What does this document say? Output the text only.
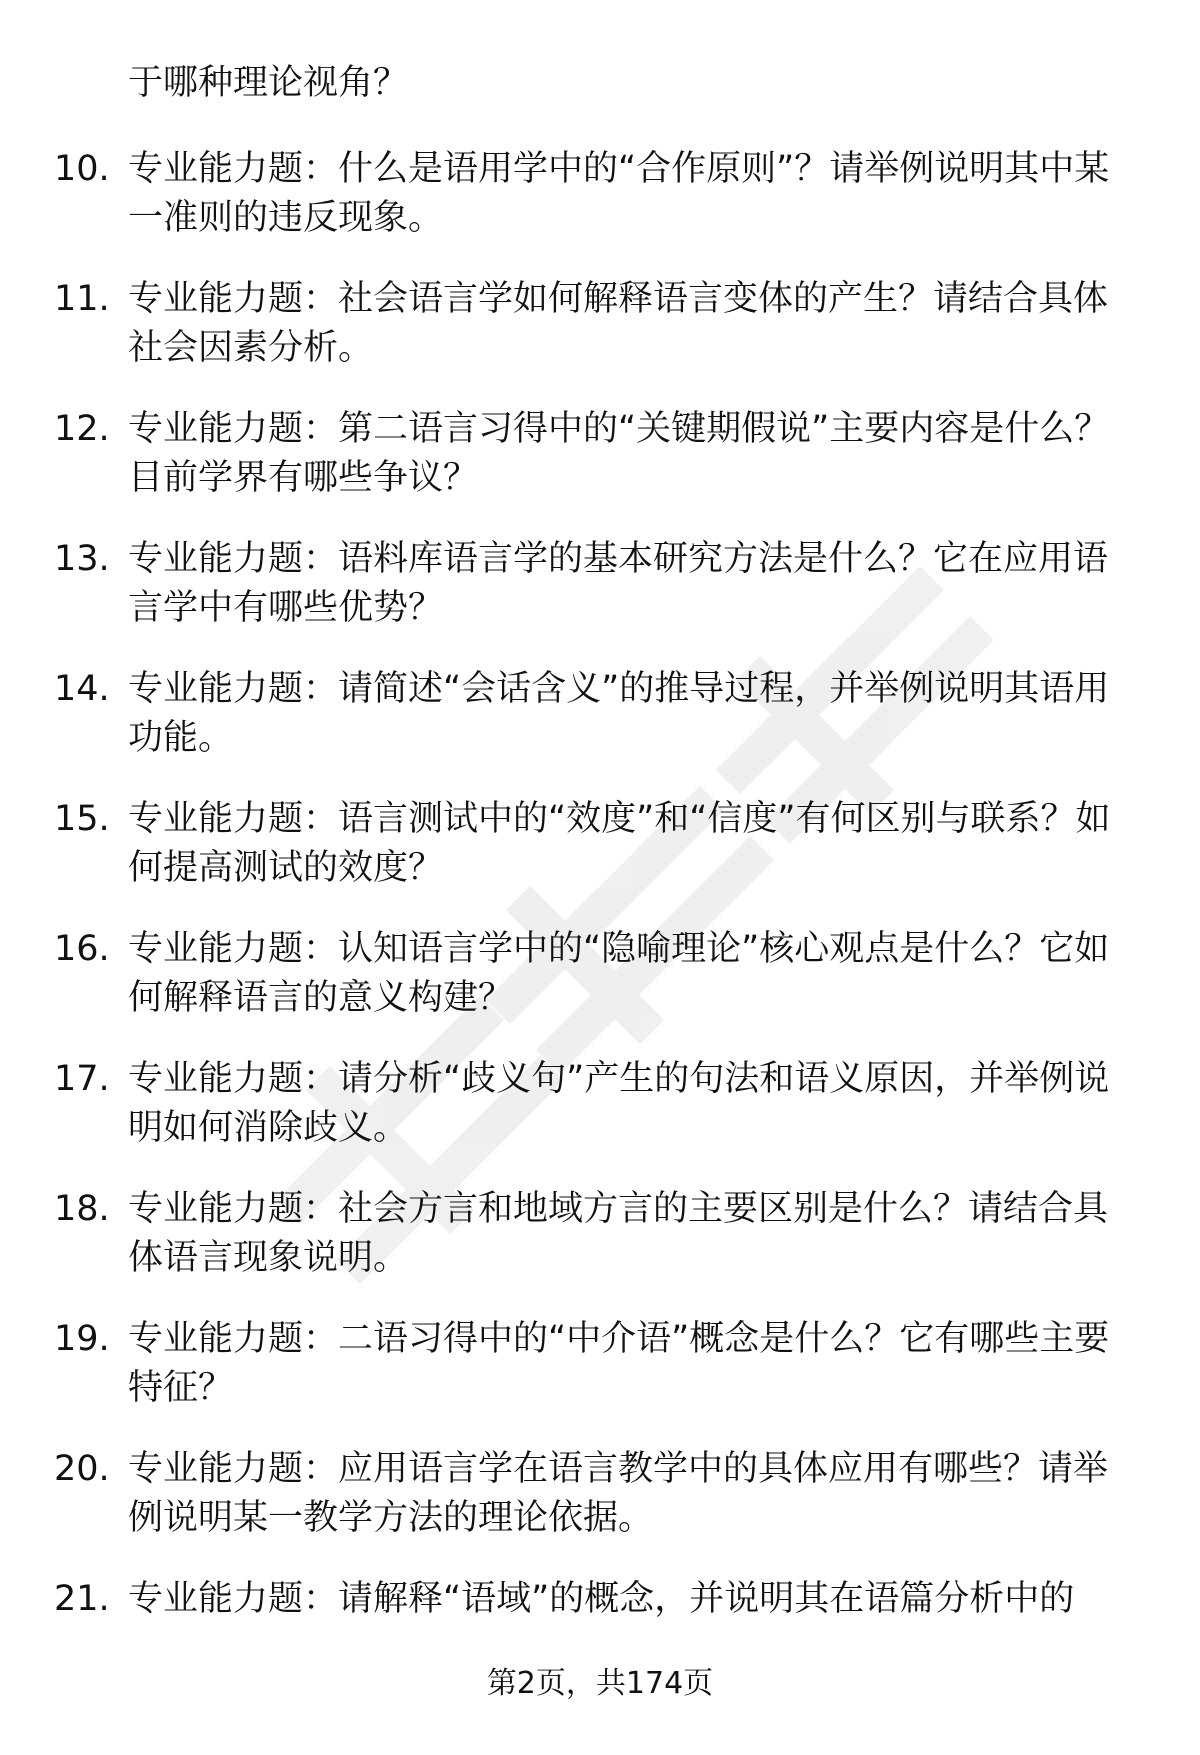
于哪种理论视角？

10. 专业能力题：什么是语用学中的“合作原则”？请举例说明其中某一准则的违反现象。

11. 专业能力题：社会语言学如何解释语言变体的产生？请结合具体社会因素分析。

12. 专业能力题：第二语言习得中的“关键期假说”主要内容是什么？目前学界有哪些争议？

13. 专业能力题：语料库语言学的基本研究方法是什么？它在应用语言学中有哪些优势？

14. 专业能力题：请简述“会话含义”的推导过程，并举例说明其语用功能。

15. 专业能力题：语言测试中的“效度”和“信度”有何区别与联系？如何提高测试的效度？

16. 专业能力题：认知语言学中的“隐喻理论”核心观点是什么？它如何解释语言的意义构建？

17. 专业能力题：请分析“歧义句”产生的句法和语义原因，并举例说明如何消除歧义。

18. 专业能力题：社会方言和地域方言的主要区别是什么？请结合具体语言现象说明。

19. 专业能力题：二语习得中的“中介语”概念是什么？它有哪些主要特征？

20. 专业能力题：应用语言学在语言教学中的具体应用有哪些？请举例说明某一教学方法的理论依据。

21. 专业能力题：请解释“语域”的概念，并说明其在语篇分析中的

第2页，共174页
